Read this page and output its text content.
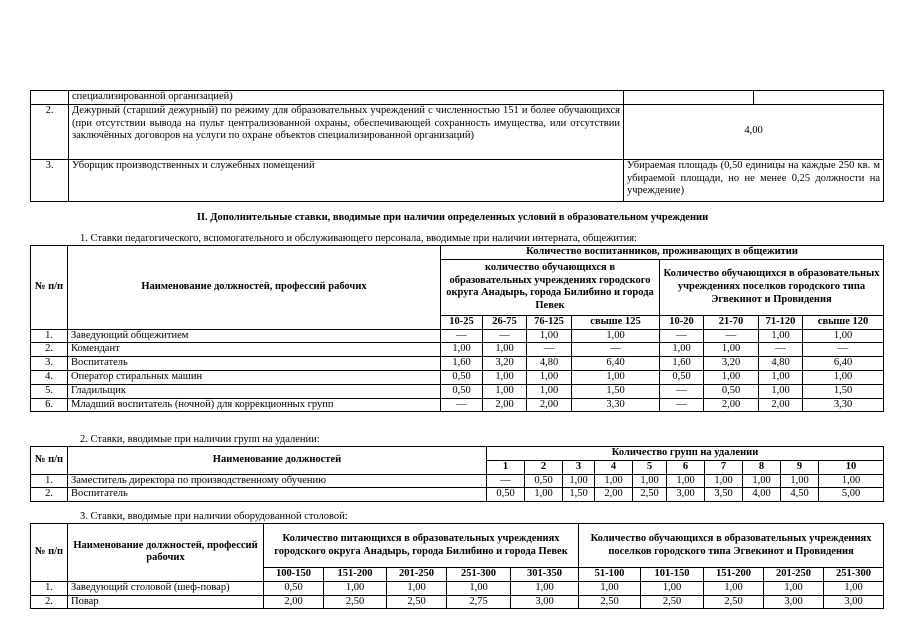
	специализированной организацией)		
2.	Дежурный (старший дежурный) по режиму для образовательных учреждений с численностью 151 и более обучающихся (при отсутствии вывода на пульт централизованной охраны, обеспечивающей сохранность имущества, или отсутствии заключённых договоров на услуги по охране объектов специализированной организаций)	4,00	
3.	Уборщик производственных и служебных помещений	Убираемая площадь (0,50 единицы на каждые 250 кв. м убираемой площади, но не менее 0,25 должности на учреждение)	
II. Дополнительные ставки, вводимые при наличии определенных условий в образовательном учреждении
1. Ставки педагогического, вспомогательного и обслуживающего персонала, вводимые при наличии интерната, общежития:
№ п/п	Наименование должностей, профессий рабочих	Количество воспитанников, проживающих в общежитии							
		количество обучающихся в образовательных учреждениях городского округа Анадырь, города Билибино и города Певек				Количество обучающихся в образовательных учреждениях поселков городского типа Эгвекинот и Провидения			
		10-25	26-75	76-125	свыше 125	10-20	21-70	71-120	свыше 120
1.	Заведующий общежитием	—	—	1,00	1,00	—	—	1,00	1,00
2.	Комендант	1,00	1,00	—	—	1,00	1,00	—	—
3.	Воспитатель	1,60	3,20	4,80	6,40	1,60	3,20	4,80	6,40
4.	Оператор стиральных машин	0,50	1,00	1,00	1,00	0,50	1,00	1,00	1,00
5.	Гладильщик	0,50	1,00	1,00	1,50	—	0,50	1,00	1,50
6.	Младший воспитатель (ночной) для коррекционных групп	—	2,00	2,00	3,30	—	2,00	2,00	3,30
2. Ставки, вводимые при наличии групп на удалении:
№ п/п	Наименование должностей	Количество групп на удалении									
		1	2	3	4	5	6	7	8	9	10
1.	Заместитель директора по производственному обучению	—	0,50	1,00	1,00	1,00	1,00	1,00	1,00	1,00	1,00
2.	Воспитатель	0,50	1,00	1,50	2,00	2,50	3,00	3,50	4,00	4,50	5,00
3. Ставки, вводимые при наличии оборудованной столовой:
№ п/п	Наименование должностей, профессий рабочих	Количество питающихся в образовательных учреждениях городского округа Анадырь, города Билибино и города Певек					Количество обучающихся в образовательных учреждениях поселков городского типа Эгвекинот и Провидения				
		100-150	151-200	201-250	251-300	301-350	51-100	101-150	151-200	201-250	251-300
1.	Заведующий столовой (шеф-повар)	0,50	1,00	1,00	1,00	1,00	1,00	1,00	1,00	1,00	1,00
2.	Повар	2,00	2,50	2,50	2,75	3,00	2,50	2,50	2,50	3,00	3,00
